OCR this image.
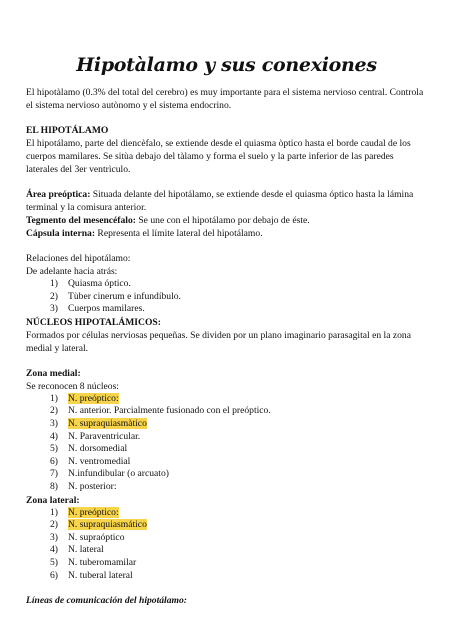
Hipotàlamo y sus conexiones

El hipotàlamo (0.3% del total del cerebro) es muy importante para el sistema nervioso central. Controla el sistema nervioso autònomo y el sistema endocrino.

EL HIPOTÁLAMO

El hipotálamo, parte del diencèfalo, se extiende desde el quiasma òptico hasta el borde caudal de los cuerpos mamilares. Se sitùa debajo del tàlamo y forma el suelo y la parte inferior de las paredes laterales del 3er ventrìculo.

Área preóptica: Situada delante del hipotálamo, se extiende desde el quiasma óptico hasta la lámina terminal y la comisura anterior.

Tegmento del mesencéfalo: Se une con el hipotálamo por debajo de éste.

Cápsula interna: Representa el límite lateral del hipotálamo.

Relaciones del hipotálamo:

De adelante hacia atrás:

1) Quiasma óptico.
2) Tùber cinerum e infundíbulo.
3) Cuerpos mamilares.

NÚCLEOS HIPOTALÁMICOS:

Formados por células nerviosas pequeñas. Se dividen por un plano imaginario parasagital en la zona medial y lateral.

Zona medial:

Se reconocen 8 núcleos:

1) N. preóptico:
2) N. anterior. Parcialmente fusionado con el preóptico.
3) N. supraquiasmàtico
4) N. Paraventricular.
5) N. dorsomedial
6) N. ventromedial
7) N.infundibular (o arcuato)
8) N. posterior:

Zona lateral:

1) N. preóptico:
2) N. supraquiasmático
3) N. supraóptico
4) N. lateral
5) N. tuberomamilar
6) N. tuberal lateral

Líneas de comunicación del hipotálamo:
